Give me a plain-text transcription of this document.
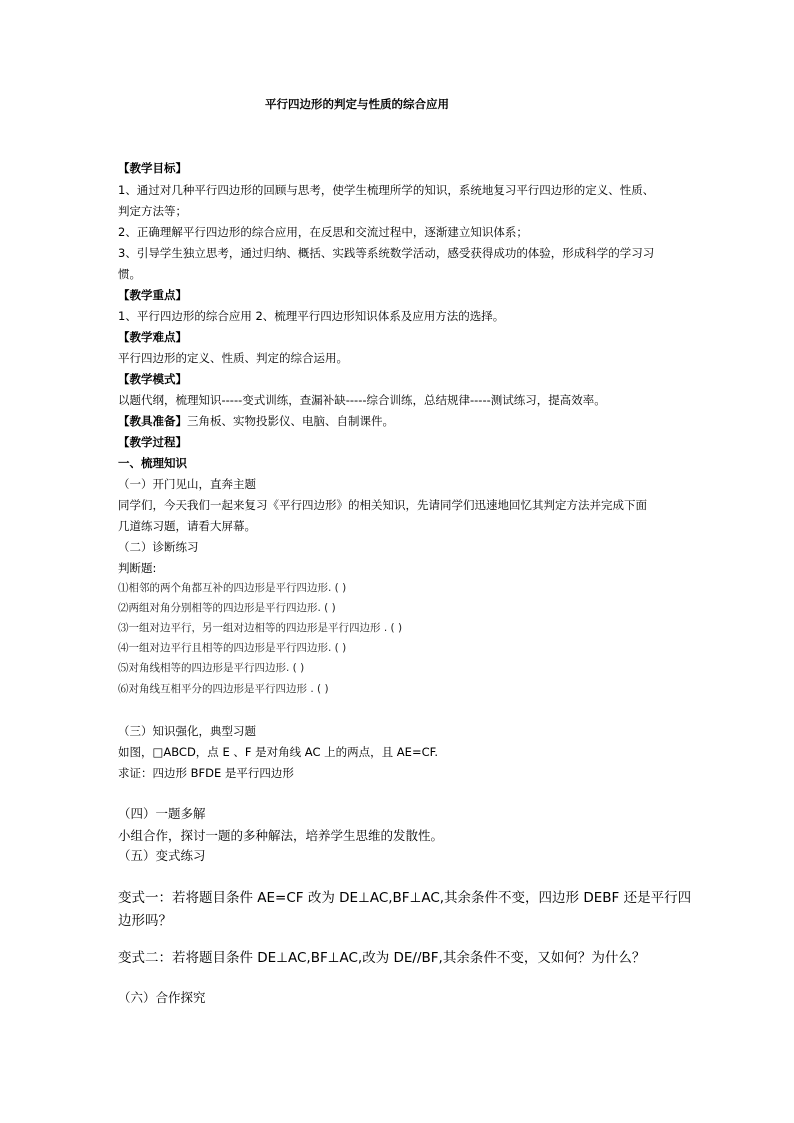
平行四边形的判定与性质的综合应用
【教学目标】
1、通过对几种平行四边形的回顾与思考，使学生梳理所学的知识，系统地复习平行四边形的定义、性质、
判定方法等；
2、正确理解平行四边形的综合应用，在反思和交流过程中，逐渐建立知识体系；
3、引导学生独立思考，通过归纳、概括、实践等系统数学活动，感受获得成功的体验，形成科学的学习习
惯。
【教学重点】
1、平行四边形的综合应用 2、梳理平行四边形知识体系及应用方法的选择。
【教学难点】
平行四边形的定义、性质、判定的综合运用。
【教学模式】
以题代纲，梳理知识-----变式训练，查漏补缺-----综合训练，总结规律-----测试练习，提高效率。
【教具准备】三角板、实物投影仪、电脑、自制课件。
【教学过程】
一、梳理知识
（一）开门见山，直奔主题
同学们，今天我们一起来复习《平行四边形》的相关知识，先请同学们迅速地回忆其判定方法并完成下面
几道练习题，请看大屏幕。
（二）诊断练习
判断题:
⑴相邻的两个角都互补的四边形是平行四边形. ( )
⑵两组对角分别相等的四边形是平行四边形. ( )
⑶一组对边平行，另一组对边相等的四边形是平行四边形 . ( )
⑷一组对边平行且相等的四边形是平行四边形. ( )
⑸对角线相等的四边形是平行四边形. ( )
⑹对角线互相平分的四边形是平行四边形 . ( )
（三）知识强化，典型习题
如图，□ABCD，点 E 、F 是对角线 AC 上的两点，且 AE=CF.
求证：四边形 BFDE 是平行四边形
（四）一题多解
小组合作，探讨一题的多种解法，培养学生思维的发散性。
（五）变式练习
变式一：若将题目条件 AE=CF 改为 DE⊥AC,BF⊥AC,其余条件不变，四边形 DEBF 还是平行四
边形吗？
变式二：若将题目条件 DE⊥AC,BF⊥AC,改为 DE//BF,其余条件不变，又如何？为什么？
（六）合作探究
